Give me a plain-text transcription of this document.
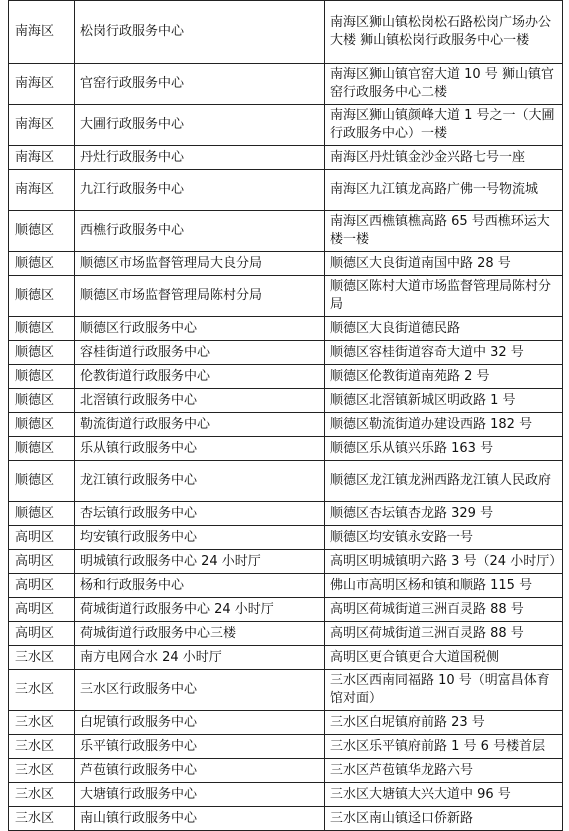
南海区	松岗行政服务中心	南海区狮山镇松岗松石路松岗广场办公大楼 狮山镇松岗行政服务中心一楼
南海区	官窑行政服务中心	南海区狮山镇官窑大道 10 号 狮山镇官窑行政服务中心二楼
南海区	大圃行政服务中心	南海区狮山镇颜峰大道 1 号之一（大圃行政服务中心）一楼
南海区	丹灶行政服务中心	南海区丹灶镇金沙金兴路七号一座
南海区	九江行政服务中心	南海区九江镇龙高路广佛一号物流城
顺德区	西樵行政服务中心	南海区西樵镇樵高路 65 号西樵环运大楼一楼
顺德区	顺德区市场监督管理局大良分局	顺德区大良街道南国中路 28 号
顺德区	顺德区市场监督管理局陈村分局	顺德区陈村大道市场监督管理局陈村分局
顺德区	顺德区行政服务中心	顺德区大良街道德民路
顺德区	容桂街道行政服务中心	顺德区容桂街道容奇大道中 32 号
顺德区	伦教街道行政服务中心	顺德区伦教街道南苑路 2 号
顺德区	北滘镇行政服务中心	顺德区北滘镇新城区明政路 1 号
顺德区	勒流街道行政服务中心	顺德区勒流街道办建设西路 182 号
顺德区	乐从镇行政服务中心	顺德区乐从镇兴乐路 163 号
顺德区	龙江镇行政服务中心	顺德区龙江镇龙洲西路龙江镇人民政府
顺德区	杏坛镇行政服务中心	顺德区杏坛镇杏龙路 329 号
高明区	均安镇行政服务中心	顺德区均安镇永安路一号
高明区	明城镇行政服务中心 24 小时厅	高明区明城镇明六路 3 号（24 小时厅）
高明区	杨和行政服务中心	佛山市高明区杨和镇和顺路 115 号
高明区	荷城街道行政服务中心 24 小时厅	高明区荷城街道三洲百灵路 88 号
高明区	荷城街道行政服务中心三楼	高明区荷城街道三洲百灵路 88 号
三水区	南方电网合水 24 小时厅	高明区更合镇更合大道国税侧
三水区	三水区行政服务中心	三水区西南同福路 10 号（明富昌体育馆对面）
三水区	白坭镇行政服务中心	三水区白坭镇府前路 23 号
三水区	乐平镇行政服务中心	三水区乐平镇府前路 1 号 6 号楼首层
三水区	芦苞镇行政服务中心	三水区芦苞镇华龙路六号
三水区	大塘镇行政服务中心	三水区大塘镇大兴大道中 96 号
三水区	南山镇行政服务中心	三水区南山镇迳口侨新路
